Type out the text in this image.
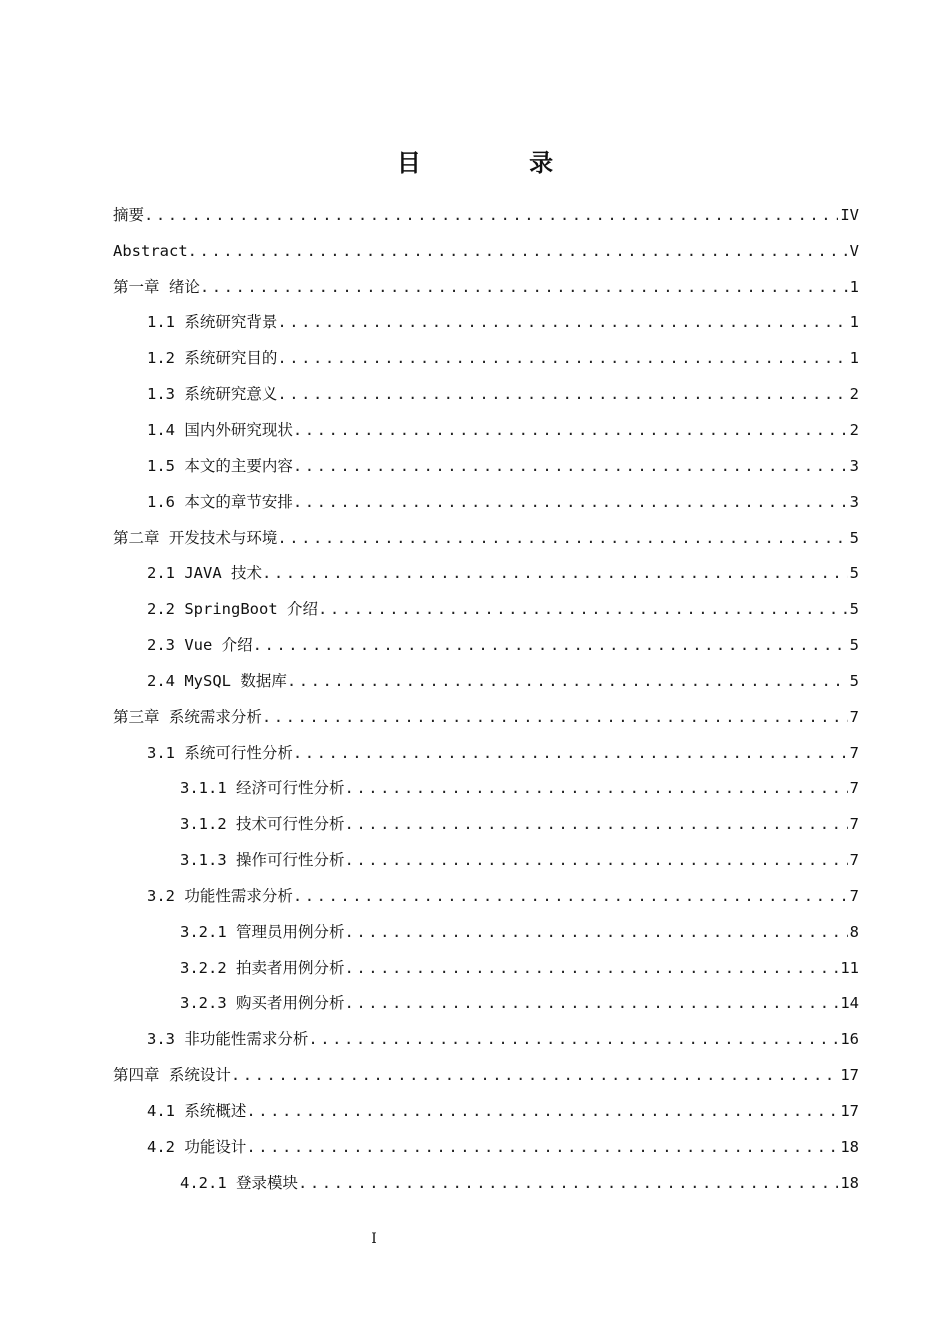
目 录
摘要 .....	IV
Abstract .....	V
第一章 绪论 .....	1
1.1 系统研究背景 .....	1
1.2 系统研究目的 .....	1
1.3 系统研究意义 .....	2
1.4 国内外研究现状 .....	2
1.5 本文的主要内容 .....	3
1.6 本文的章节安排 .....	3
第二章 开发技术与环境 .....	5
2.1 JAVA 技术 .....	5
2.2 SpringBoot 介绍 .....	5
2.3 Vue 介绍 .....	5
2.4 MySQL 数据库 .....	5
第三章 系统需求分析 .....	7
3.1 系统可行性分析 .....	7
3.1.1 经济可行性分析 .....	7
3.1.2 技术可行性分析 .....	7
3.1.3 操作可行性分析 .....	7
3.2 功能性需求分析 .....	7
3.2.1 管理员用例分析 .....	8
3.2.2 拍卖者用例分析 .....	11
3.2.3 购买者用例分析 .....	14
3.3 非功能性需求分析 .....	16
第四章 系统设计 .....	17
4.1 系统概述 .....	17
4.2 功能设计 .....	18
4.2.1 登录模块 .....	18
I
